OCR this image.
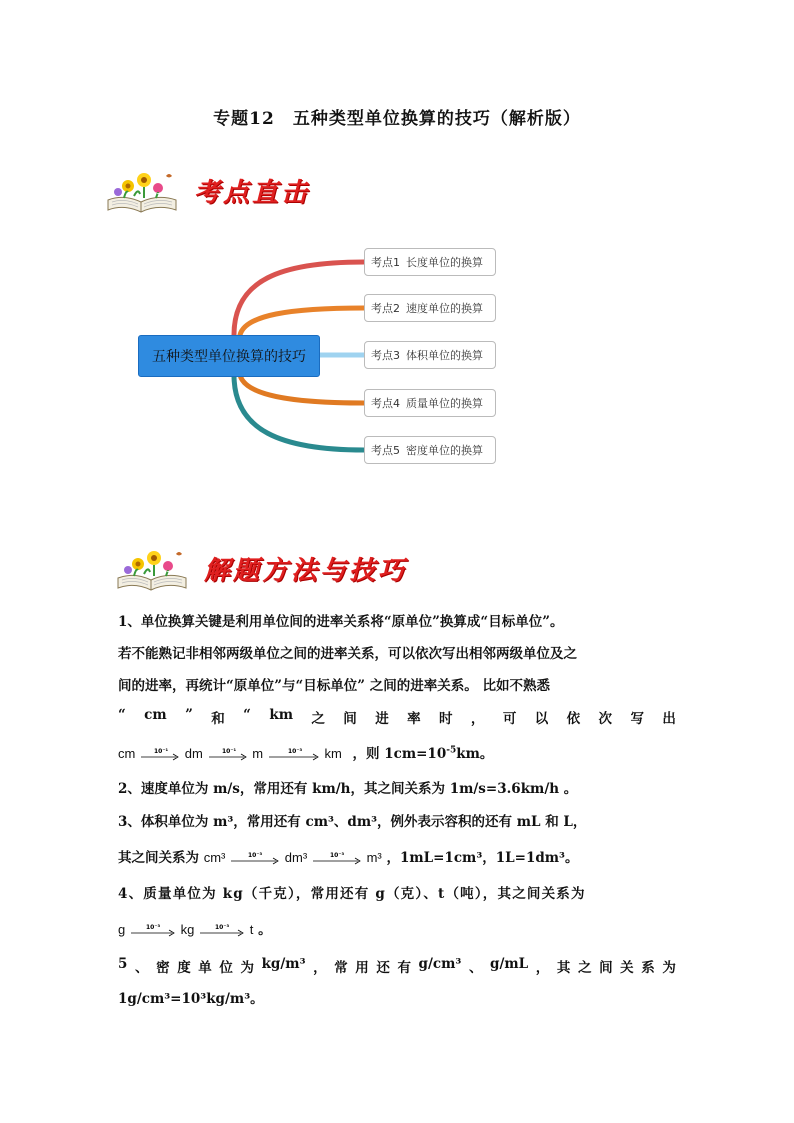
专题12　五种类型单位换算的技巧（解析版）
考点直击
五种类型单位换算的技巧
考点1 长度单位的换算
考点2 速度单位的换算
考点3 体积单位的换算
考点4 质量单位的换算
考点5 密度单位的换算
解题方法与技巧
1、单位换算关键是利用单位间的进率关系将“原单位”换算成“目标单位”。
若不能熟记非相邻两级单位之间的进率关系，可以依次写出相邻两级单位及之
间的进率，再统计“原单位”与“目标单位” 之间的进率关系。 比如不熟悉
“ cm ” 和 “ km 之 间 进 率 时 ， 可 以 依 次 写 出
cm	10⁻¹ dm	10⁻¹ m	10⁻³ km ，则 $1cm=10^{-5}km$。
2、速度单位为 m/s，常用还有 km/h，其之间关系为 1m/s=3.6km/h 。
3、体积单位为 m³，常用还有 cm³、dm³，例外表示容积的还有 mL 和 L，
其之间关系为 cm³	10⁻³ dm³	10⁻³ m³ ，1mL=1cm³，1L=1dm³。
4、质量单位为 kg（千克），常用还有 g（克）、t（吨），其之间关系为
g	10⁻³ kg	10⁻³ t 。
5 、 密 度 单 位 为 kg/m³ ， 常 用 还 有 g/cm³ 、 g/mL ， 其 之 间 关 系 为
1g/cm³=10³kg/m³。
